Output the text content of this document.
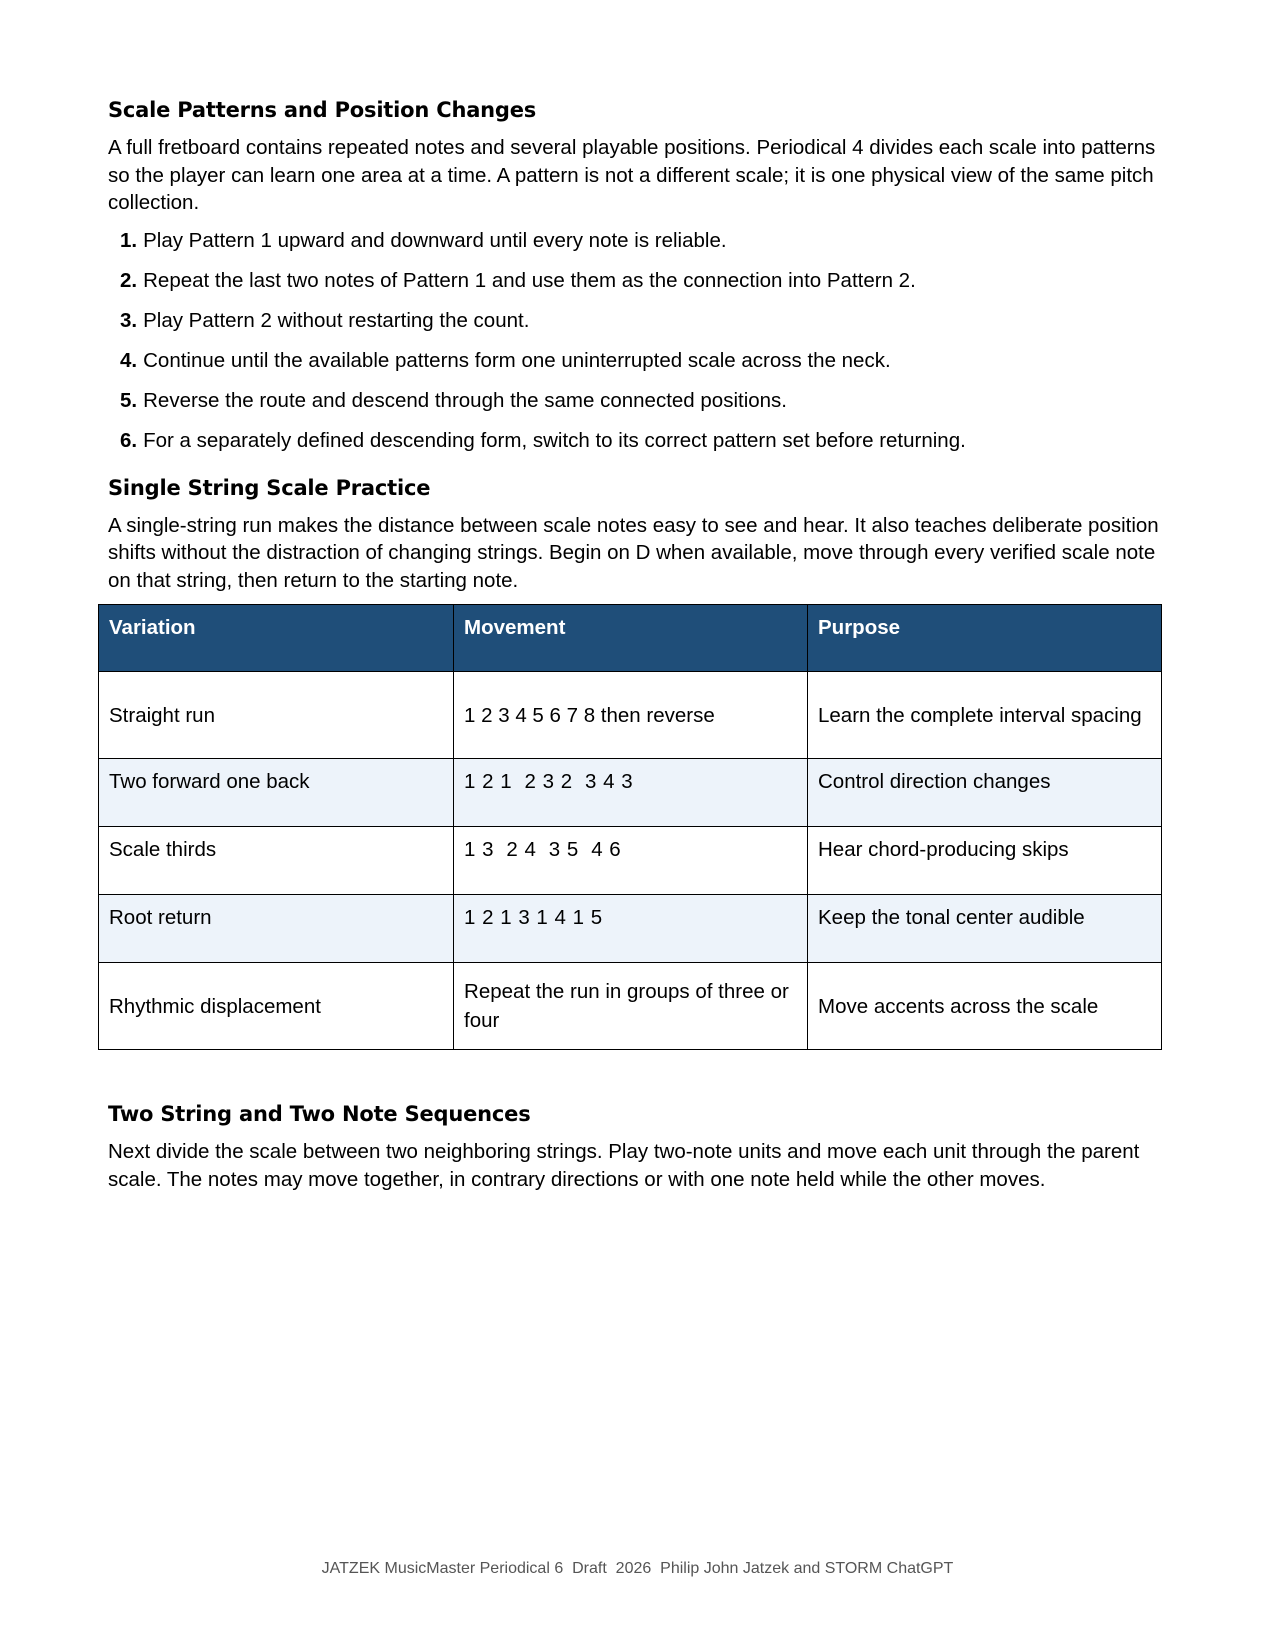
Scale Patterns and Position Changes

A full fretboard contains repeated notes and several playable positions. Periodical 4 divides each scale into patterns so the player can learn one area at a time. A pattern is not a different scale; it is one physical view of the same pitch collection.

1. Play Pattern 1 upward and downward until every note is reliable.
2. Repeat the last two notes of Pattern 1 and use them as the connection into Pattern 2.
3. Play Pattern 2 without restarting the count.
4. Continue until the available patterns form one uninterrupted scale across the neck.
5. Reverse the route and descend through the same connected positions.
6. For a separately defined descending form, switch to its correct pattern set before returning.
Single String Scale Practice

A single-string run makes the distance between scale notes easy to see and hear. It also teaches deliberate position shifts without the distraction of changing strings. Begin on D when available, move through every verified scale note on that string, then return to the starting note.

Variation	Movement	Purpose
Straight run	1 2 3 4 5 6 7 8 then reverse	Learn the complete interval spacing
Two forward one back	1 2 1  2 3 2  3 4 3	Control direction changes
Scale thirds	1 3  2 4  3 5  4 6	Hear chord-producing skips
Root return	1 2 1 3 1 4 1 5	Keep the tonal center audible
Rhythmic displacement	Repeat the run in groups of three or four	Move accents across the scale
Two String and Two Note Sequences

Next divide the scale between two neighboring strings. Play two-note units and move each unit through the parent scale. The notes may move together, in contrary directions or with one note held while the other moves.

JATZEK MusicMaster Periodical 6  Draft  2026  Philip John Jatzek and STORM ChatGPT
